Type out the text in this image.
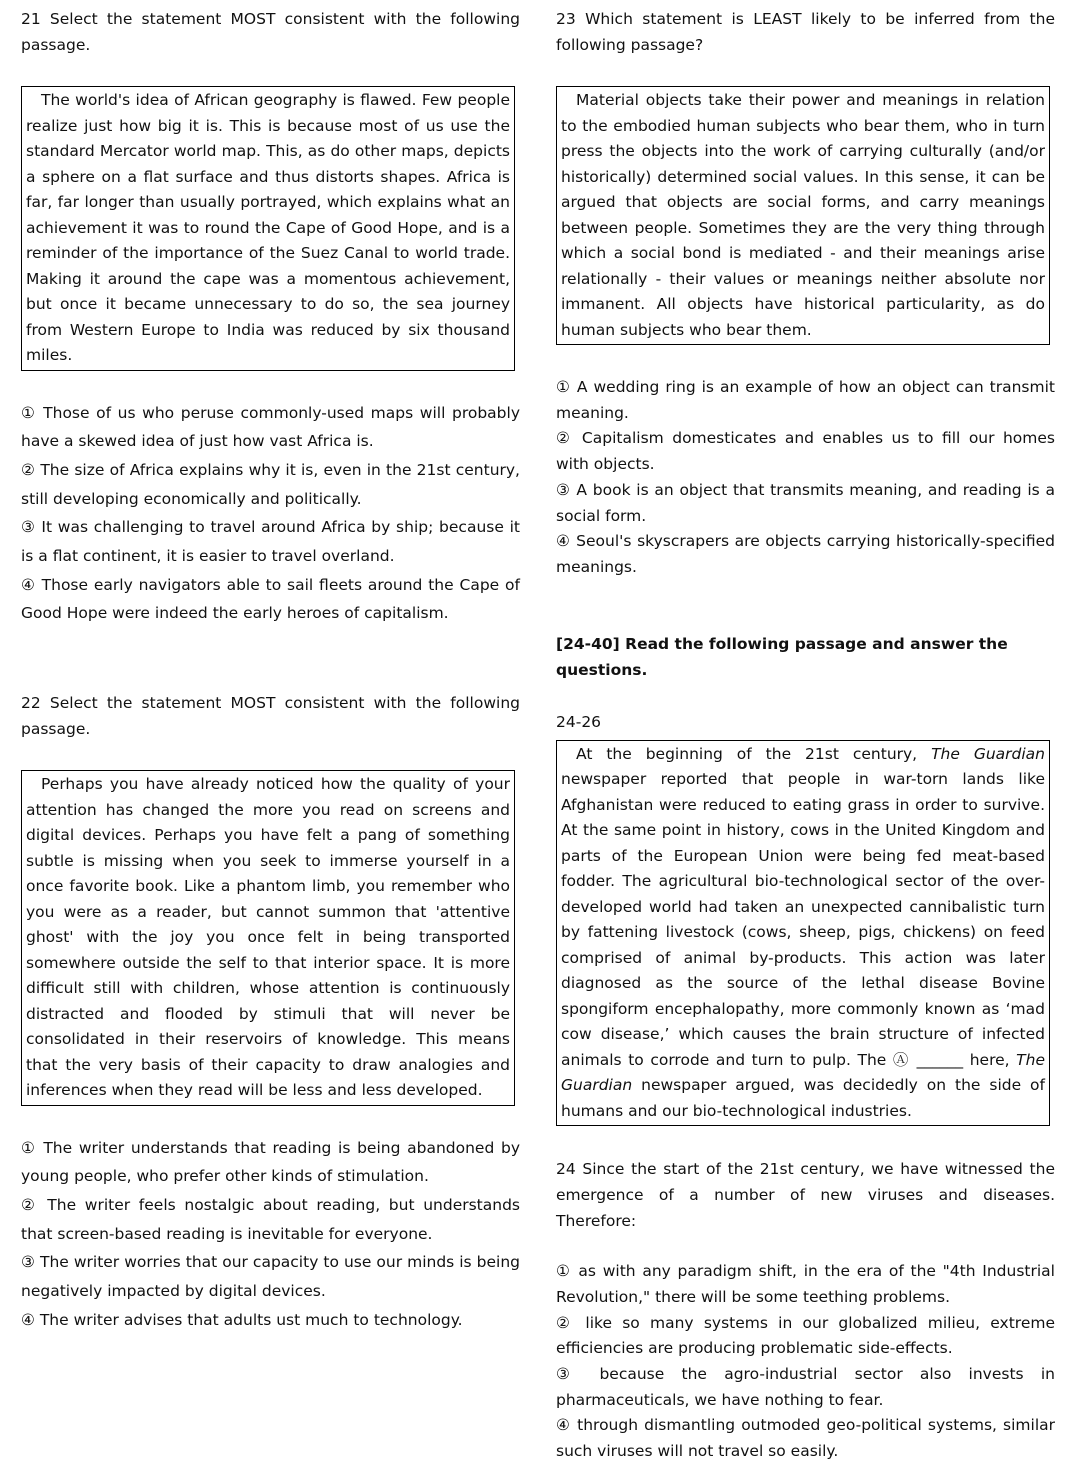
21 Select the statement MOST consistent with the following passage.

The world's idea of African geography is flawed. Few people realize just how big it is. This is because most of us use the standard Mercator world map. This, as do other maps, depicts a sphere on a flat surface and thus distorts shapes. Africa is far, far longer than usually portrayed, which explains what an achievement it was to round the Cape of Good Hope, and is a reminder of the importance of the Suez Canal to world trade. Making it around the cape was a momentous achievement, but once it became unnecessary to do so, the sea journey from Western Europe to India was reduced by six thousand miles.

① Those of us who peruse commonly-used maps will probably have a skewed idea of just how vast Africa is.

② The size of Africa explains why it is, even in the 21st century, still developing economically and politically.

③ It was challenging to travel around Africa by ship; because it is a flat continent, it is easier to travel overland.

④ Those early navigators able to sail fleets around the Cape of Good Hope were indeed the early heroes of capitalism.

22 Select the statement MOST consistent with the following passage.

Perhaps you have already noticed how the quality of your attention has changed the more you read on screens and digital devices. Perhaps you have felt a pang of something subtle is missing when you seek to immerse yourself in a once favorite book. Like a phantom limb, you remember who you were as a reader, but cannot summon that 'attentive ghost' with the joy you once felt in being transported somewhere outside the self to that interior space. It is more difficult still with children, whose attention is continuously distracted and flooded by stimuli that will never be consolidated in their reservoirs of knowledge. This means that the very basis of their capacity to draw analogies and inferences when they read will be less and less developed.

① The writer understands that reading is being abandoned by young people, who prefer other kinds of stimulation.

② The writer feels nostalgic about reading, but understands that screen-based reading is inevitable for everyone.

③ The writer worries that our capacity to use our minds is being negatively impacted by digital devices.

④ The writer advises that adults ust much to technology.

23 Which statement is LEAST likely to be inferred from the following passage?

Material objects take their power and meanings in relation to the embodied human subjects who bear them, who in turn press the objects into the work of carrying culturally (and/or historically) determined social values. In this sense, it can be argued that objects are social forms, and carry meanings between people. Sometimes they are the very thing through which a social bond is mediated - and their meanings arise relationally - their values or meanings neither absolute nor immanent. All objects have historical particularity, as do human subjects who bear them.

① A wedding ring is an example of how an object can transmit meaning.

② Capitalism domesticates and enables us to fill our homes with objects.

③ A book is an object that transmits meaning, and reading is a social form.

④ Seoul's skyscrapers are objects carrying historically-specified meanings.

[24-40] Read the following passage and answer the questions.

24-26

At the beginning of the 21st century, The Guardian newspaper reported that people in war-torn lands like Afghanistan were reduced to eating grass in order to survive. At the same point in history, cows in the United Kingdom and parts of the European Union were being fed meat-based fodder. The agricultural bio-technological sector of the over-developed world had taken an unexpected cannibalistic turn by fattening livestock (cows, sheep, pigs, chickens) on feed comprised of animal by-products. This action was later diagnosed as the source of the lethal disease Bovine spongiform encephalopathy, more commonly known as ‘mad cow disease,’ which causes the brain structure of infected animals to corrode and turn to pulp. The Ⓐ ______ here, The Guardian newspaper argued, was decidedly on the side of humans and our bio-technological industries.

24 Since the start of the 21st century, we have witnessed the emergence of a number of new viruses and diseases. Therefore:

① as with any paradigm shift, in the era of the "4th Industrial Revolution," there will be some teething problems.

② like so many systems in our globalized milieu, extreme efficiencies are producing problematic side-effects.

③ because the agro-industrial sector also invests in pharmaceuticals, we have nothing to fear.

④ through dismantling outmoded geo-political systems, similar such viruses will not travel so easily.
